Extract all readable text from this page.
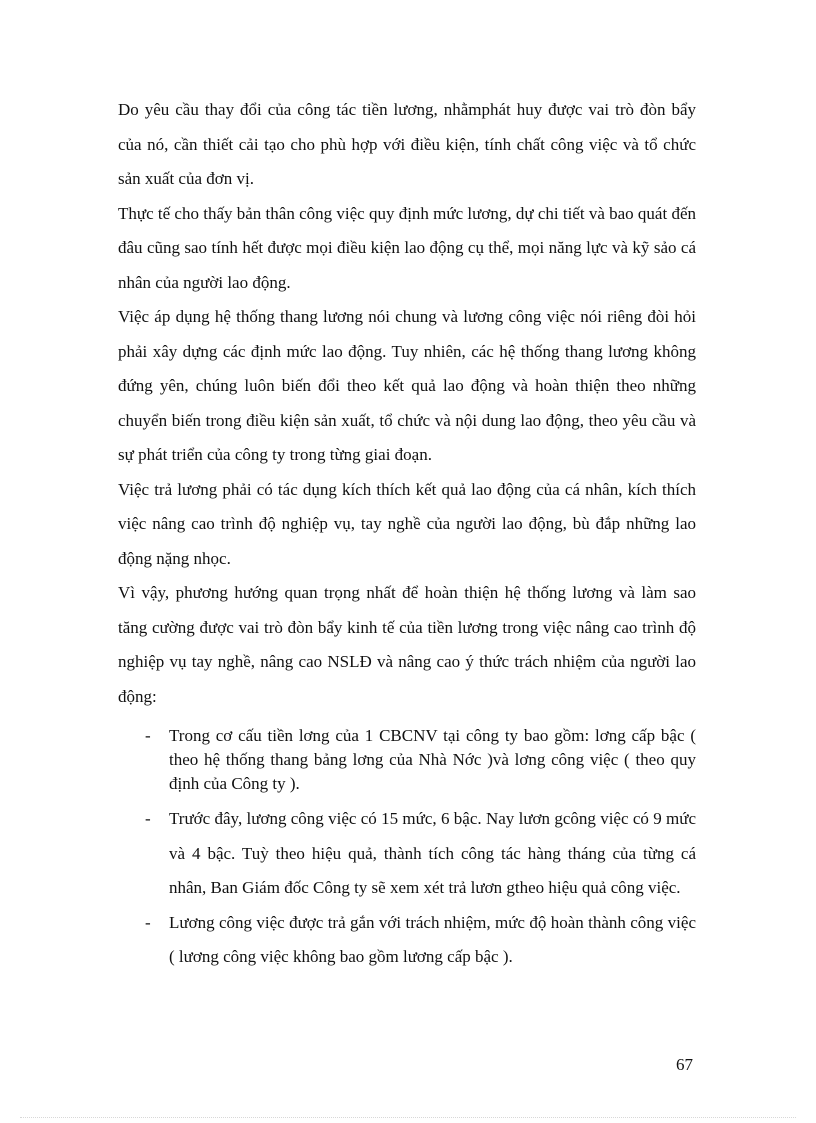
Do yêu cầu thay đổi của công tác tiền lương, nhằmphát huy được vai trò đòn bẩy của nó, cần thiết cải tạo cho phù hợp với điều kiện, tính chất công việc và tổ chức sản xuất của đơn vị.

Thực tế cho thấy bản thân công việc quy định mức lương, dự chi tiết và bao quát đến đâu cũng sao tính hết được mọi điều kiện lao động cụ thể, mọi năng lực và kỹ sảo cá nhân của người lao động.

Việc áp dụng hệ thống thang lương nói chung và lương công việc nói riêng đòi hỏi phải xây dựng các định mức lao động. Tuy nhiên, các hệ thống thang lương không đứng yên, chúng luôn biến đổi theo kết quả lao động và hoàn thiện theo những chuyển biến trong điều kiện sản xuất, tổ chức và nội dung lao động, theo yêu cầu và sự phát triển của công ty trong từng giai đoạn.

Việc trả lương phải có tác dụng kích thích kết quả lao động của cá nhân, kích thích việc nâng cao trình độ nghiệp vụ, tay nghề của người lao động, bù đắp những lao động nặng nhọc.

Vì vậy, phương hướng quan trọng nhất để hoàn thiện hệ thống lương và làm sao tăng cường được vai trò đòn bẩy kinh tế của tiền lương trong việc nâng cao trình độ nghiệp vụ tay nghề, nâng cao NSLĐ và nâng cao ý thức trách nhiệm của người lao động:

-	Trong cơ cấu tiền lơng của 1 CBCNV tại công ty bao gồm: lơng cấp bậc ( theo hệ thống thang bảng lơng của Nhà Nớc )và lơng công việc ( theo quy định của Công ty ).
-	Trước đây, lương công việc có 15 mức, 6 bậc. Nay lươn gcông việc có 9 mức và 4 bậc. Tuỳ theo hiệu quả, thành tích công tác hàng tháng của từng cá nhân, Ban Giám đốc Công ty sẽ xem xét trả lươn gtheo hiệu quả công việc.
-	Lương công việc được trả gắn với trách nhiệm, mức độ hoàn thành công việc ( lương công việc không bao gồm lương cấp bậc ).
67
